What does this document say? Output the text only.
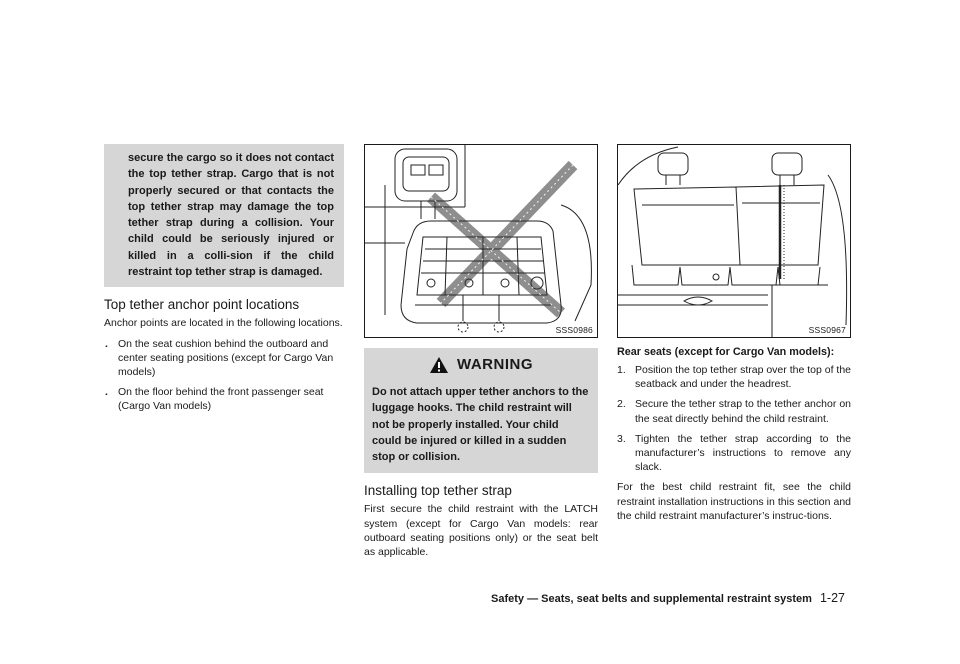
secure the cargo so it does not contact the top tether strap. Cargo that is not properly secured or that contacts the top tether strap may damage the top tether strap during a collision. Your child could be seriously injured or killed in a colli-sion if the child restraint top tether strap is damaged.
Top tether anchor point locations

Anchor points are located in the following locations.

. On the seat cushion behind the outboard and center seating positions (except for Cargo Van models)
. On the floor behind the front passenger seat (Cargo Van models)
SSS0986
WARNING
Do not attach upper tether anchors to the luggage hooks. The child restraint will not be properly installed. Your child could be injured or killed in a sudden stop or collision.
Installing top tether strap

First secure the child restraint with the LATCH system (except for Cargo Van models: rear outboard seating positions only) or the seat belt as applicable.

SSS0967
Rear seats (except for Cargo Van models):
1. Position the top tether strap over the top of the seatback and under the headrest.
2. Secure the tether strap to the tether anchor on the seat directly behind the child restraint.
3. Tighten the tether strap according to the manufacturer’s instructions to remove any slack.

For the best child restraint fit, see the child restraint installation instructions in this section and the child restraint manufacturer’s instruc-tions.

Safety — Seats, seat belts and supplemental restraint system 1-27
